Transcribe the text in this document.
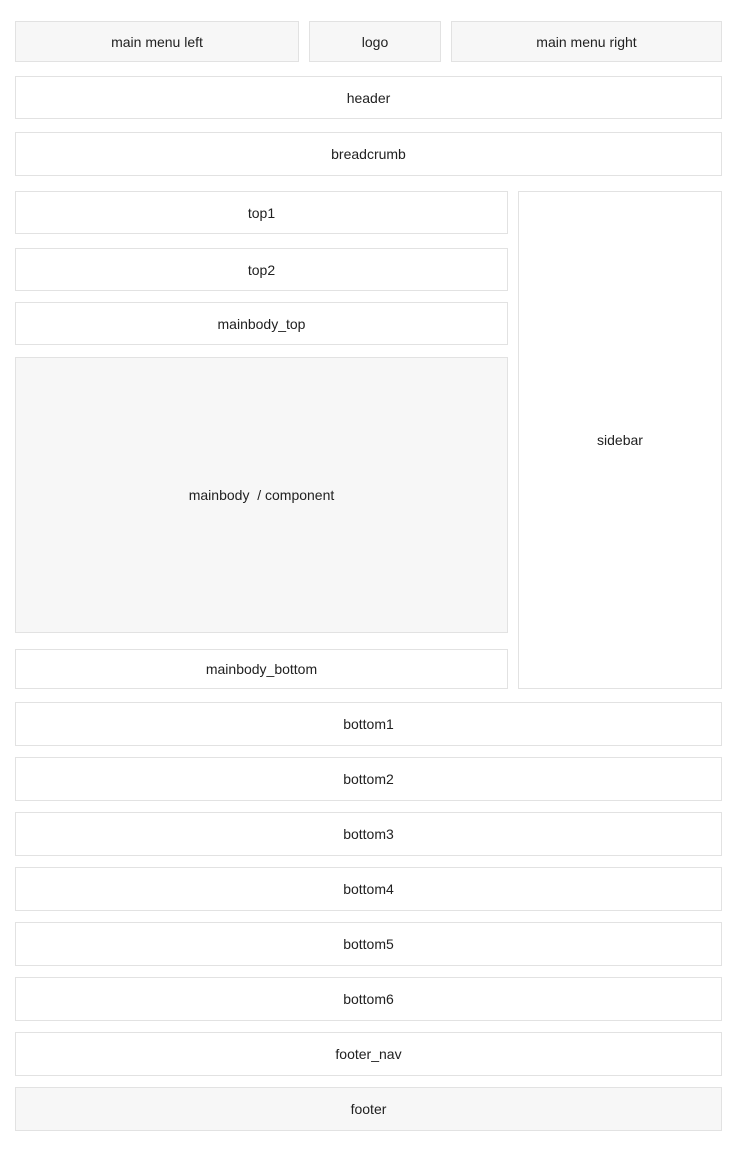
main menu left	logo	main menu right
header
breadcrumb
top1
top2
mainbody_top
mainbody  / component
mainbody_bottom
sidebar
bottom1
bottom2
bottom3
bottom4
bottom5
bottom6
footer_nav
footer
